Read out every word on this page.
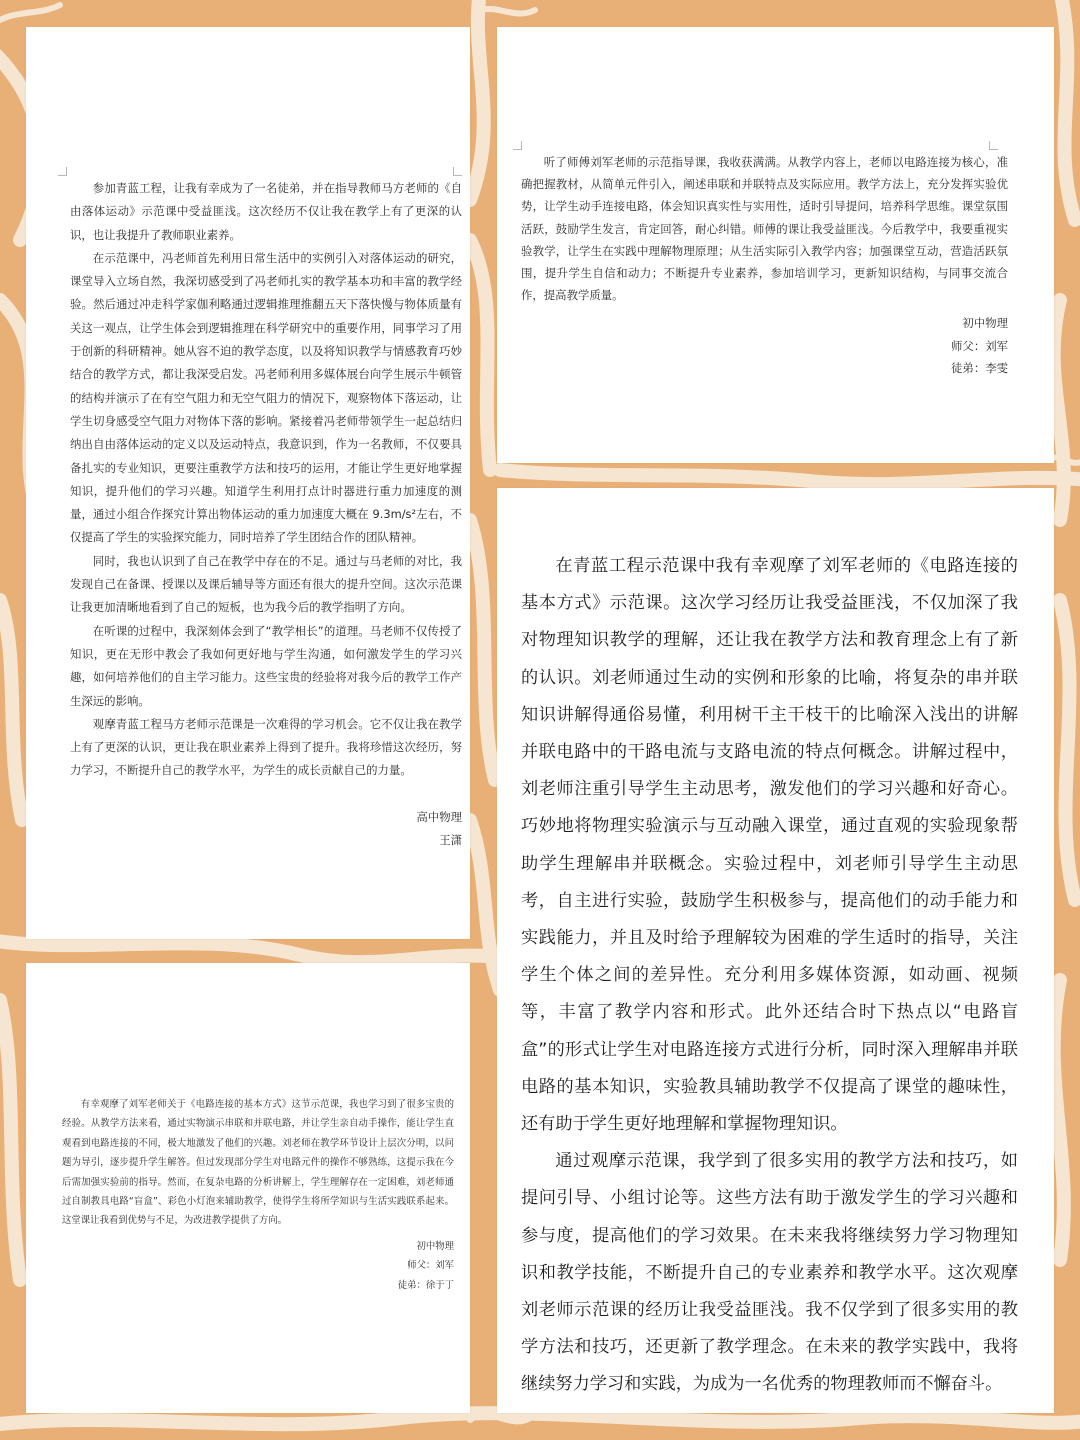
参加青蓝工程，让我有幸成为了一名徒弟，并在指导教师马方老师的《自由落体运动》示范课中受益匪浅。这次经历不仅让我在教学上有了更深的认识，也让我提升了教师职业素养。

在示范课中，冯老师首先利用日常生活中的实例引入对落体运动的研究，课堂导入立场自然，我深切感受到了冯老师扎实的教学基本功和丰富的教学经验。然后通过冲走科学家伽利略通过逻辑推理推翻五天下落快慢与物体质量有关这一观点，让学生体会到逻辑推理在科学研究中的重要作用，同事学习了用于创新的科研精神。她从容不迫的教学态度，以及将知识教学与情感教育巧妙结合的教学方式，都让我深受启发。冯老师利用多媒体展台向学生展示牛顿管的结构并演示了在有空气阻力和无空气阻力的情况下，观察物体下落运动，让学生切身感受空气阻力对物体下落的影响。紧接着冯老师带领学生一起总结归纳出自由落体运动的定义以及运动特点，我意识到，作为一名教师，不仅要具备扎实的专业知识，更要注重教学方法和技巧的运用，才能让学生更好地掌握知识，提升他们的学习兴趣。知道学生利用打点计时器进行重力加速度的测量，通过小组合作探究计算出物体运动的重力加速度大概在 9.3m/s²左右，不仅提高了学生的实验探究能力，同时培养了学生团结合作的团队精神。

同时，我也认识到了自己在教学中存在的不足。通过与马老师的对比，我发现自己在备课、授课以及课后辅导等方面还有很大的提升空间。这次示范课让我更加清晰地看到了自己的短板，也为我今后的教学指明了方向。

在听课的过程中，我深刻体会到了“教学相长”的道理。马老师不仅传授了知识，更在无形中教会了我如何更好地与学生沟通，如何激发学生的学习兴趣，如何培养他们的自主学习能力。这些宝贵的经验将对我今后的教学工作产生深远的影响。

观摩青蓝工程马方老师示范课是一次难得的学习机会。它不仅让我在教学上有了更深的认识，更让我在职业素养上得到了提升。我将珍惜这次经历，努力学习，不断提升自己的教学水平，为学生的成长贡献自己的力量。

高中物理
王潇

听了师傅刘军老师的示范指导课，我收获满满。从教学内容上，老师以电路连接为核心，准确把握教材，从简单元件引入，阐述串联和并联特点及实际应用。教学方法上，充分发挥实验优势，让学生动手连接电路，体会知识真实性与实用性，适时引导提问，培养科学思维。课堂氛围活跃，鼓励学生发言，肯定回答，耐心纠错。师傅的课让我受益匪浅。今后教学中，我要重视实验教学，让学生在实践中理解物理原理；从生活实际引入教学内容；加强课堂互动，营造活跃氛围，提升学生自信和动力；不断提升专业素养，参加培训学习，更新知识结构，与同事交流合作，提高教学质量。

初中物理
师父：刘军
徒弟：李雯

有幸观摩了刘军老师关于《电路连接的基本方式》这节示范课，我也学习到了很多宝贵的经验。从教学方法来看，通过实物演示串联和并联电路，并让学生亲自动手操作，能让学生直观看到电路连接的不同，极大地激发了他们的兴趣。刘老师在教学环节设计上层次分明，以问题为导引，逐步提升学生解答。但过发现部分学生对电路元件的操作不够熟练，这提示我在今后需加强实验前的指导。然而，在复杂电路的分析讲解上，学生理解存在一定困难，刘老师通过自制教具电路“盲盒”、彩色小灯泡来辅助教学，使得学生将所学知识与生活实践联系起来。这堂课让我看到优势与不足，为改进教学提供了方向。

初中物理
师父：刘军
徒弟：徐于丁

在青蓝工程示范课中我有幸观摩了刘军老师的《电路连接的基本方式》示范课。这次学习经历让我受益匪浅，不仅加深了我对物理知识教学的理解，还让我在教学方法和教育理念上有了新的认识。刘老师通过生动的实例和形象的比喻，将复杂的串并联知识讲解得通俗易懂，利用树干主干枝干的比喻深入浅出的讲解并联电路中的干路电流与支路电流的特点何概念。讲解过程中，刘老师注重引导学生主动思考，激发他们的学习兴趣和好奇心。巧妙地将物理实验演示与互动融入课堂，通过直观的实验现象帮助学生理解串并联概念。实验过程中，刘老师引导学生主动思考，自主进行实验，鼓励学生积极参与，提高他们的动手能力和实践能力，并且及时给予理解较为困难的学生适时的指导，关注学生个体之间的差异性。充分利用多媒体资源，如动画、视频等，丰富了教学内容和形式。此外还结合时下热点以“电路盲盒”的形式让学生对电路连接方式进行分析，同时深入理解串并联电路的基本知识，实验教具辅助教学不仅提高了课堂的趣味性，还有助于学生更好地理解和掌握物理知识。

通过观摩示范课，我学到了很多实用的教学方法和技巧，如提问引导、小组讨论等。这些方法有助于激发学生的学习兴趣和参与度，提高他们的学习效果。在未来我将继续努力学习物理知识和教学技能，不断提升自己的专业素养和教学水平。这次观摩刘老师示范课的经历让我受益匪浅。我不仅学到了很多实用的教学方法和技巧，还更新了教学理念。在未来的教学实践中，我将继续努力学习和实践，为成为一名优秀的物理教师而不懈奋斗。
